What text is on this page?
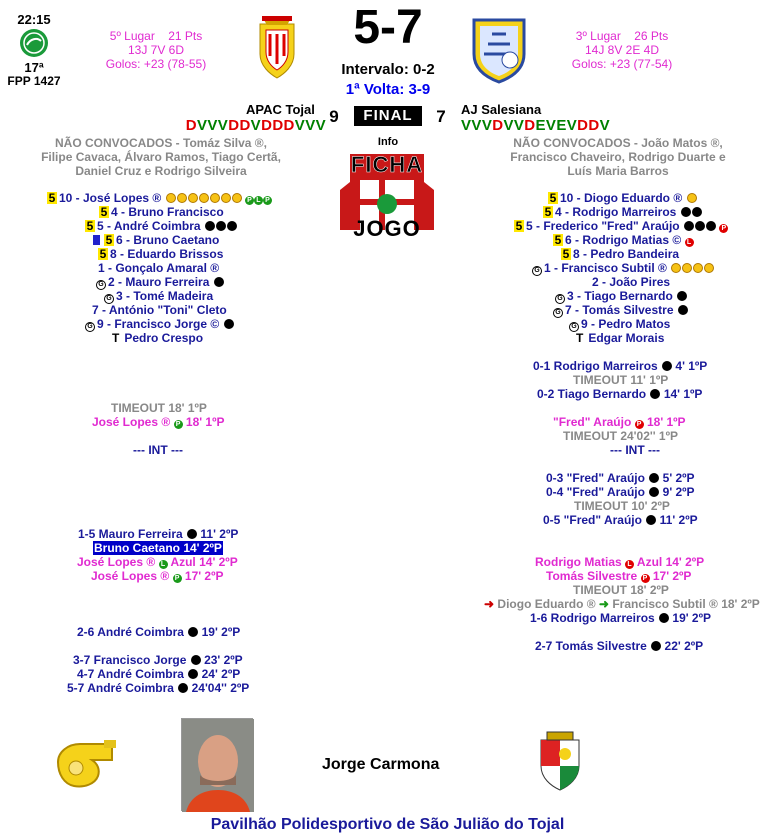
22:15
17ª
FPP 1427
5º Lugar 21 Pts
13J 7V 6D
Golos: +23 (78-55)
5-7
Intervalo: 0-2
1ª Volta: 3-9
3º Lugar 26 Pts
14J 8V 2E 4D
Golos: +23 (77-54)
APAC Tojal
DVVVDDVDDDVVV 9	FINAL	7	AJ Salesiana
VVVDVVDEVEVDDV
Info
FICHA
JOGO
NÃO CONVOCADOS - Tomáz Silva ®,
Filipe Cavaca, Álvaro Ramos, Tiago Certã,
Daniel Cruz e Rodrigo Silveira
NÃO CONVOCADOS - João Matos ®,
Francisco Chaveiro, Rodrigo Duarte e
Luís Maria Barros
5 10 - José Lopes ®	P L P
5 4 - Bruno Francisco
5 5 - André Coimbra
5 6 - Bruno Caetano
5 8 - Eduardo Brissos
1 - Gonçalo Amaral ®
G 2 - Mauro Ferreira
G 3 - Tomé Madeira
7 - António "Toni" Cleto
G 9 - Francisco Jorge ©
T Pedro Crespo
5 10 - Diogo Eduardo ®
5 4 - Rodrigo Marreiros
5 5 - Frederico "Fred" Araújo	P
5 6 - Rodrigo Matias © L
5 8 - Pedro Bandeira
G 1 - Francisco Subtil ®
2 - João Pires
G 3 - Tiago Bernardo
G 7 - Tomás Silvestre
G 9 - Pedro Matos
T Edgar Morais
0-1 Rodrigo Marreiros 4' 1ºP
TIMEOUT 11' 1ºP
0-2 Tiago Bernardo 14' 1ºP
"Fred" Araújo P 18' 1ºP
TIMEOUT 24'02'' 1ºP
--- INT ---
0-3 "Fred" Araújo 5' 2ºP
0-4 "Fred" Araújo 9' 2ºP
TIMEOUT 10' 2ºP
0-5 "Fred" Araújo 11' 2ºP
Rodrigo Matias L Azul 14' 2ºP
Tomás Silvestre P 17' 2ºP
TIMEOUT 18' 2ºP
➜ Diogo Eduardo ® ➜ Francisco Subtil ® 18' 2ºP
1-6 Rodrigo Marreiros 19' 2ºP
2-7 Tomás Silvestre 22' 2ºP
TIMEOUT 18' 1ºP
José Lopes ® P 18' 1ºP
--- INT ---
1-5 Mauro Ferreira 11' 2ºP
Bruno Caetano 14' 2ºP
José Lopes ® L Azul 14' 2ºP
José Lopes ® P 17' 2ºP
2-6 André Coimbra 19' 2ºP
3-7 Francisco Jorge 23' 2ºP
4-7 André Coimbra 24' 2ºP
5-7 André Coimbra 24'04'' 2ºP
Jorge Carmona
Pavilhão Polidesportivo de São Julião do Tojal
